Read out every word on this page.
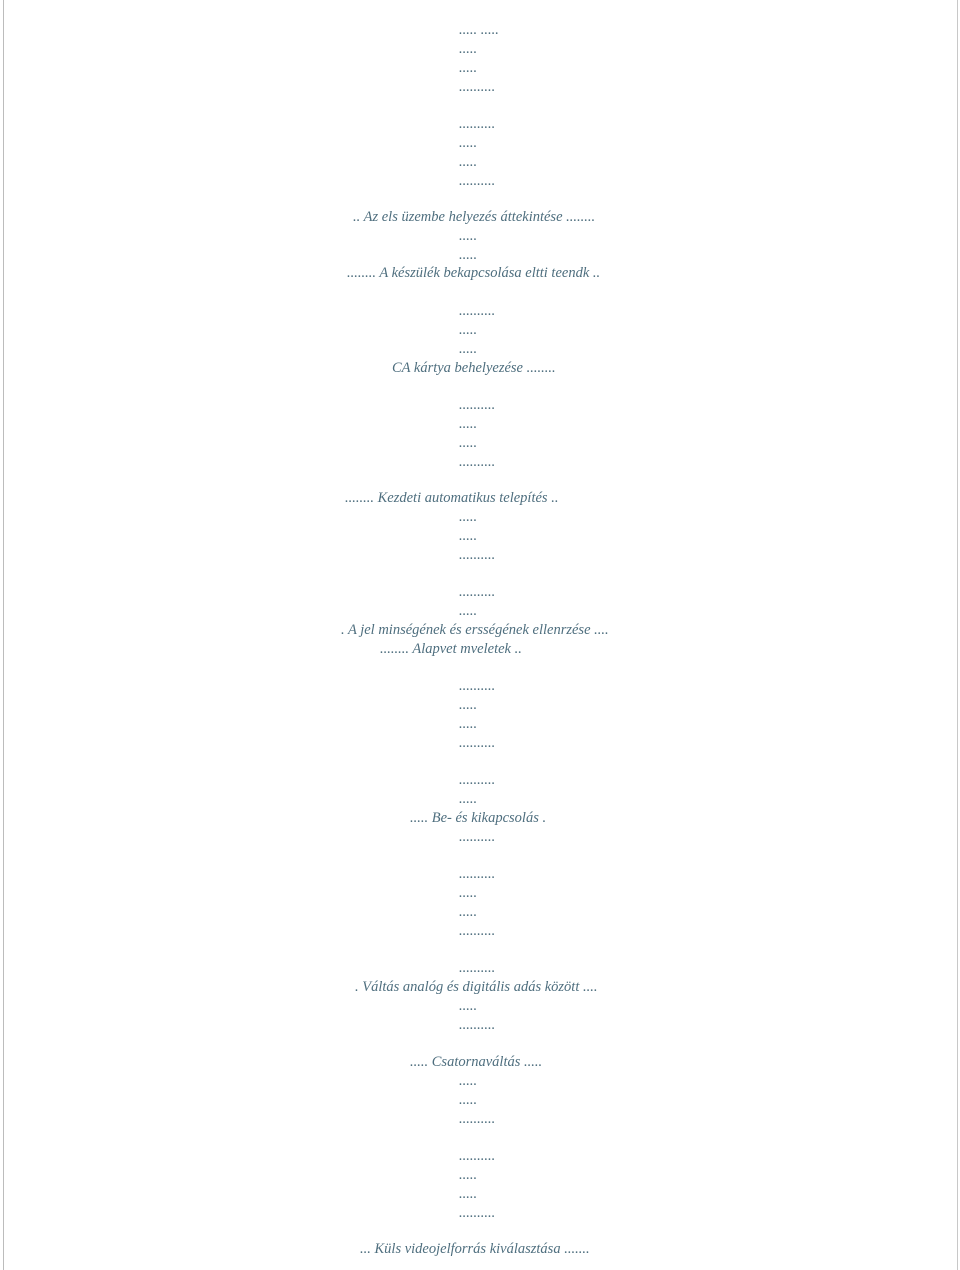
..... .....
.....
.....
..........
..........
.....
.....
..........
.. Az els üzembe helyezés áttekintése ........
.....
.....
........ A készülék bekapcsolása eltti teendk ..
..........
.....
.....
CA kártya behelyezése ........
..........
.....
.....
..........
........ Kezdeti automatikus telepítés ..
.....
.....
..........
..........
.....
. A jel minségének és ersségének ellenrzése ....
........ Alapvet mveletek ..
..........
.....
.....
..........
..........
.....
..... Be- és kikapcsolás .
..........
..........
.....
.....
..........
..........
. Váltás analóg és digitális adás között ....
.....
..........
..... Csatornaváltás .....
.....
.....
..........
..........
.....
.....
..........
... Küls videojelforrás kiválasztása .......
